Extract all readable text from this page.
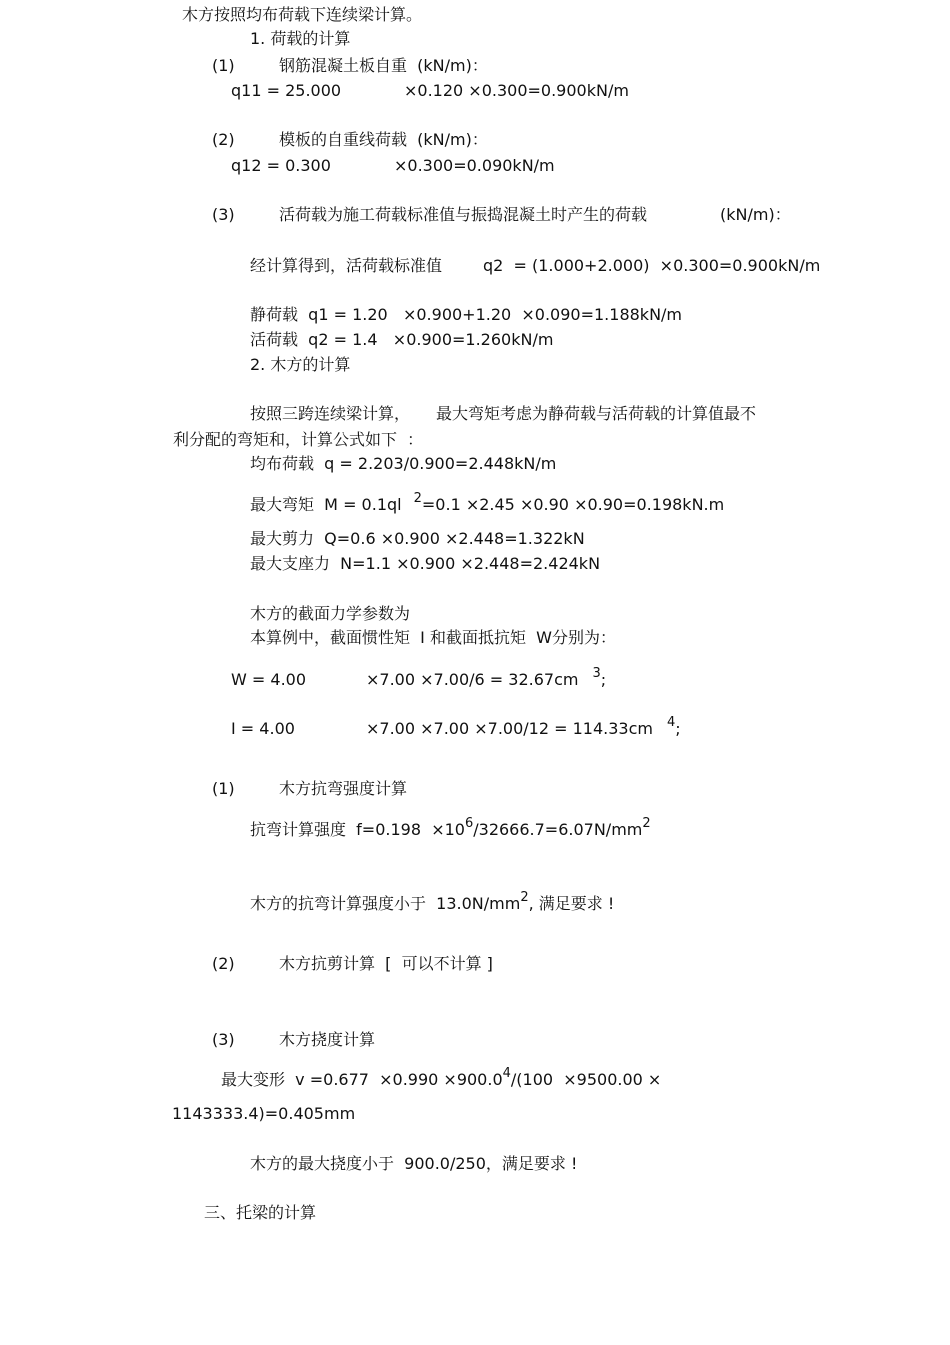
木方按照均布荷载下连续梁计算。
1. 荷载的计算
(1)	钢筋混凝土板自重  (kN/m)：
q11 = 25.000	×0.120 ×0.300=0.900kN/m
(2)	模板的自重线荷载  (kN/m)：
q12 = 0.300	×0.300=0.090kN/m
(3)	活荷载为施工荷载标准值与振捣混凝土时产生的荷载	(kN/m)：
经计算得到，活荷载标准值	q2  = (1.000+2.000)  ×0.300=0.900kN/m
静荷载  q1 = 1.20   ×0.900+1.20  ×0.090=1.188kN/m
活荷载  q2 = 1.4   ×0.900=1.260kN/m
2. 木方的计算
按照三跨连续梁计算， 最大弯矩考虑为静荷载与活荷载的计算值最不
利分配的弯矩和，计算公式如下  ：
均布荷载  q = 2.203/0.900=2.448kN/m
最大弯矩  M = 0.1ql $^2$=0.1 ×2.45 ×0.90 ×0.90=0.198kN.m
最大剪力  Q=0.6 ×0.900 ×2.448=1.322kN
最大支座力  N=1.1 ×0.900 ×2.448=2.424kN
木方的截面力学参数为
本算例中，截面惯性矩  I 和截面抵抗矩  W分别为：
W = 4.00	×7.00 ×7.00/6 = 32.67cm $^3$;
I = 4.00	×7.00 ×7.00 ×7.00/12 = 114.33cm $^4$;
(1)	木方抗弯强度计算
抗弯计算强度  $f=0.198 \times 10^6/32666.7=6.07N/mm^2$
木方的抗弯计算强度小于  $13.0N/mm^2$, 满足要求 !
(2)	木方抗剪计算  [  可以不计算 ]
(3)	木方挠度计算
最大变形  $v =0.677 \times 0.990 \times 900.0^4/(100 \times 9500.00$ ×
1143333.4)=0.405mm
木方的最大挠度小于  900.0/250，满足要求 !
三、托梁的计算
